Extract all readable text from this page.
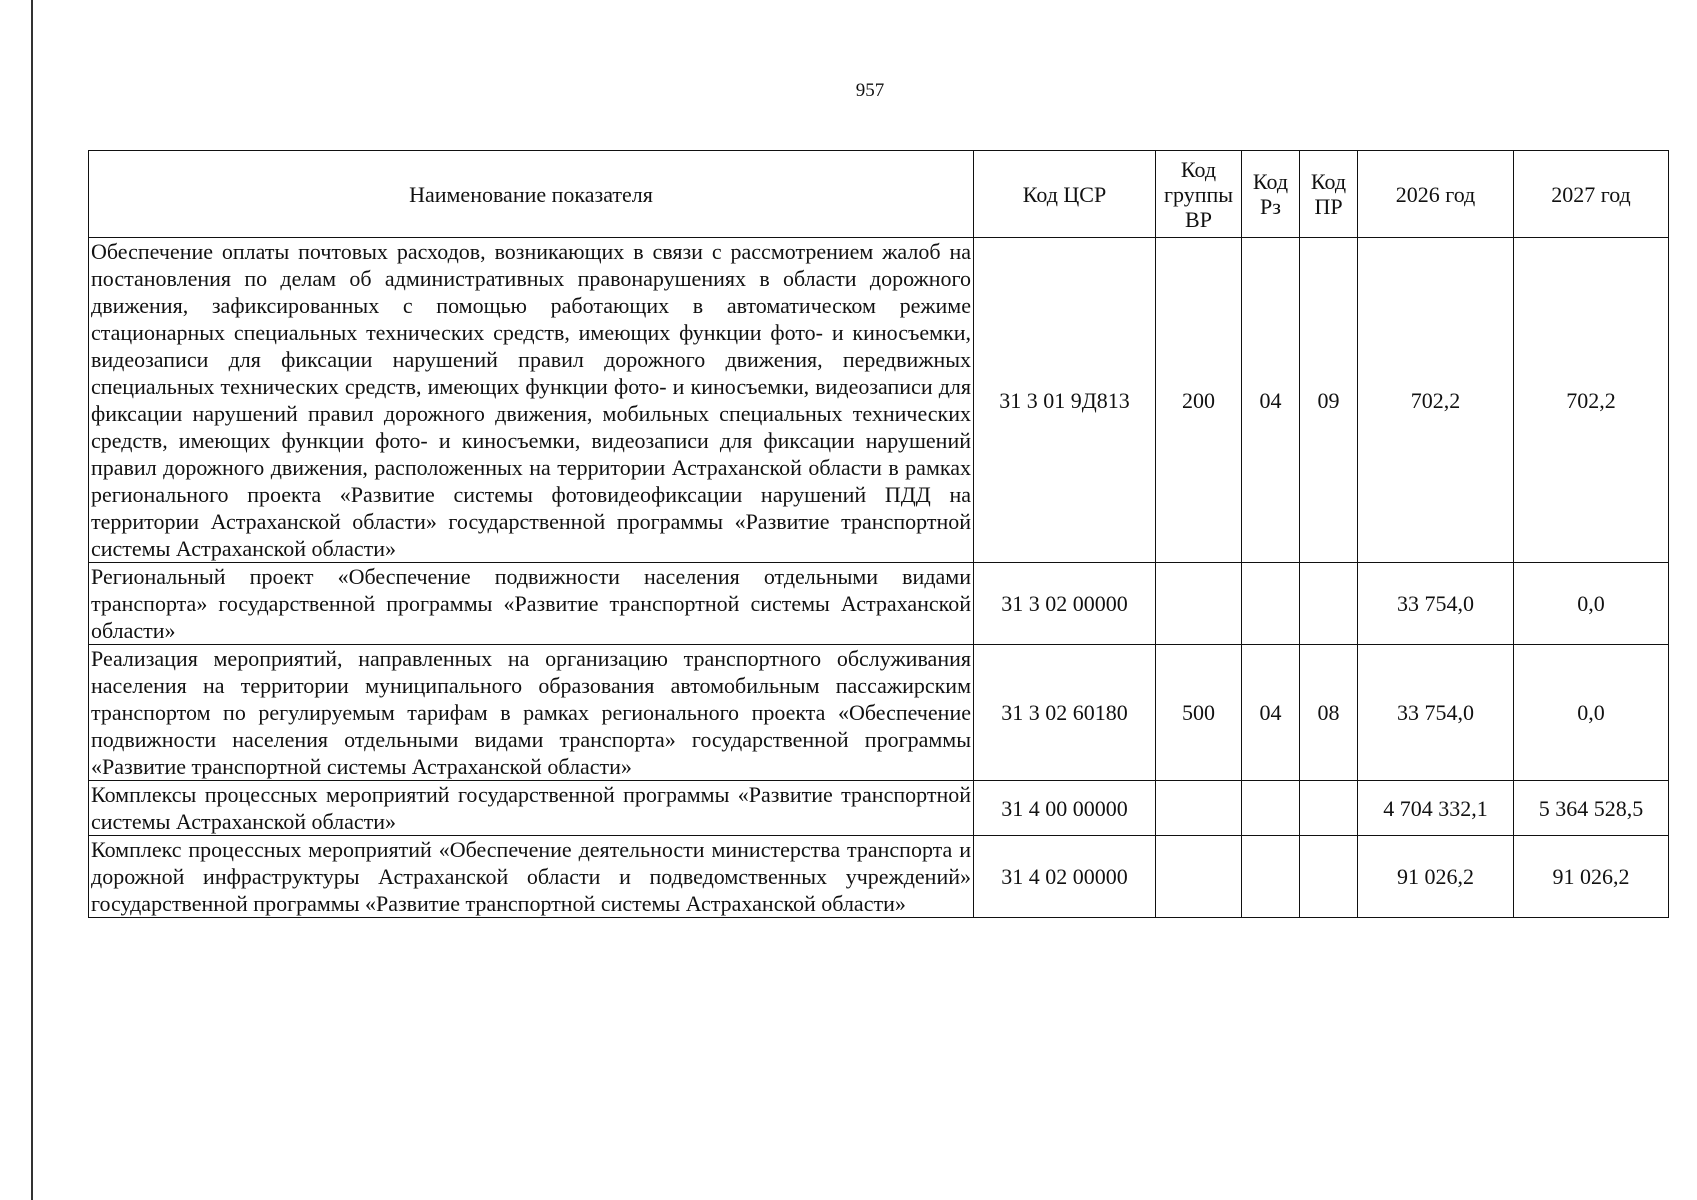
957
Наименование показателя	Код ЦСР	Код группы ВР	Код Рз	Код ПР	2026 год	2027 год
Обеспечение оплаты почтовых расходов, возникающих в связи с рассмотрением жалоб на постановления по делам об административных правонарушениях в области дорожного движения, зафиксированных с помощью работающих в автоматическом режиме стационарных специальных технических средств, имеющих функции фото- и киносъемки, видеозаписи для фиксации нарушений правил дорожного движения, передвижных специальных технических средств, имеющих функции фото- и киносъемки, видеозаписи для фиксации нарушений правил дорожного движения, мобильных специальных технических средств, имеющих функции фото- и киносъемки, видеозаписи для фиксации нарушений правил дорожного движения, расположенных на территории Астраханской области в рамках регионального проекта «Развитие системы фотовидеофиксации нарушений ПДД на территории Астраханской области» государственной программы «Развитие транспортной системы Астраханской области»	31 3 01 9Д813	200	04	09	702,2	702,2
Региональный проект «Обеспечение подвижности населения отдельными видами транспорта» государственной программы «Развитие транспортной системы Астраханской области»	31 3 02 00000				33 754,0	0,0
Реализация мероприятий, направленных на организацию транспортного обслуживания населения на территории муниципального образования автомобильным пассажирским транспортом по регулируемым тарифам в рамках регионального проекта «Обеспечение подвижности населения отдельными видами транспорта» государственной программы «Развитие транспортной системы Астраханской области»	31 3 02 60180	500	04	08	33 754,0	0,0
Комплексы процессных мероприятий государственной программы «Развитие транспортной системы Астраханской области»	31 4 00 00000				4 704 332,1	5 364 528,5
Комплекс процессных мероприятий «Обеспечение деятельности министерства транспорта и дорожной инфраструктуры Астраханской области и подведомственных учреждений» государственной программы «Развитие транспортной системы Астраханской области»	31 4 02 00000				91 026,2	91 026,2
